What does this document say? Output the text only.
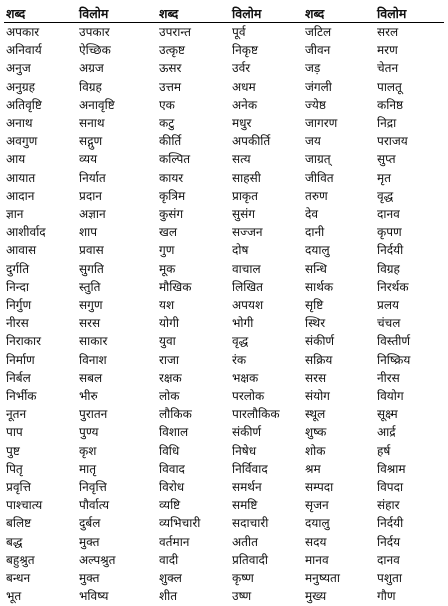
शब्द	विलोम	शब्द	विलोम	शब्द	विलोम
अपकार	उपकार	उपरान्त	पूर्व	जटिल	सरल
अनिवार्य	ऐच्छिक	उत्कृष्ट	निकृष्ट	जीवन	मरण
अनुज	अग्रज	ऊसर	उर्वर	जड़	चेतन
अनुग्रह	विग्रह	उत्तम	अधम	जंगली	पालतू
अतिवृष्टि	अनावृष्टि	एक	अनेक	ज्येष्ठ	कनिष्ठ
अनाथ	सनाथ	कटु	मधुर	जागरण	निद्रा
अवगुण	सद्गुण	कीर्ति	अपकीर्ति	जय	पराजय
आय	व्यय	कल्पित	सत्य	जाग्रत्	सुप्त
आयात	निर्यात	कायर	साहसी	जीवित	मृत
आदान	प्रदान	कृत्रिम	प्राकृत	तरुण	वृद्ध
ज्ञान	अज्ञान	कुसंग	सुसंग	देव	दानव
आशीर्वाद	शाप	खल	सज्जन	दानी	कृपण
आवास	प्रवास	गुण	दोष	दयालु	निर्दयी
दुर्गति	सुगति	मूक	वाचाल	सन्धि	विग्रह
निन्दा	स्तुति	मौखिक	लिखित	सार्थक	निरर्थक
निर्गुण	सगुण	यश	अपयश	सृष्टि	प्रलय
नीरस	सरस	योगी	भोगी	स्थिर	चंचल
निराकार	साकार	युवा	वृद्ध	संकीर्ण	विस्तीर्ण
निर्माण	विनाश	राजा	रंक	सक्रिय	निष्क्रिय
निर्बल	सबल	रक्षक	भक्षक	सरस	नीरस
निर्भीक	भीरु	लोक	परलोक	संयोग	वियोग
नूतन	पुरातन	लौकिक	पारलौकिक	स्थूल	सूक्ष्म
पाप	पुण्य	विशाल	संकीर्ण	शुष्क	आर्द्र
पुष्ट	कृश	विधि	निषेध	शोक	हर्ष
पितृ	मातृ	विवाद	निर्विवाद	श्रम	विश्राम
प्रवृत्ति	निवृत्ति	विरोध	समर्थन	सम्पदा	विपदा
पाश्चात्य	पौर्वात्य	व्यष्टि	समष्टि	सृजन	संहार
बलिष्ट	दुर्बल	व्यभिचारी	सदाचारी	दयालु	निर्दयी
बद्ध	मुक्त	वर्तमान	अतीत	सदय	निर्दय
बहुश्रुत	अल्पश्रुत	वादी	प्रतिवादी	मानव	दानव
बन्धन	मुक्त	शुक्ल	कृष्ण	मनुष्यता	पशुता
भूत	भविष्य	शीत	उष्ण	मुख्य	गौण
